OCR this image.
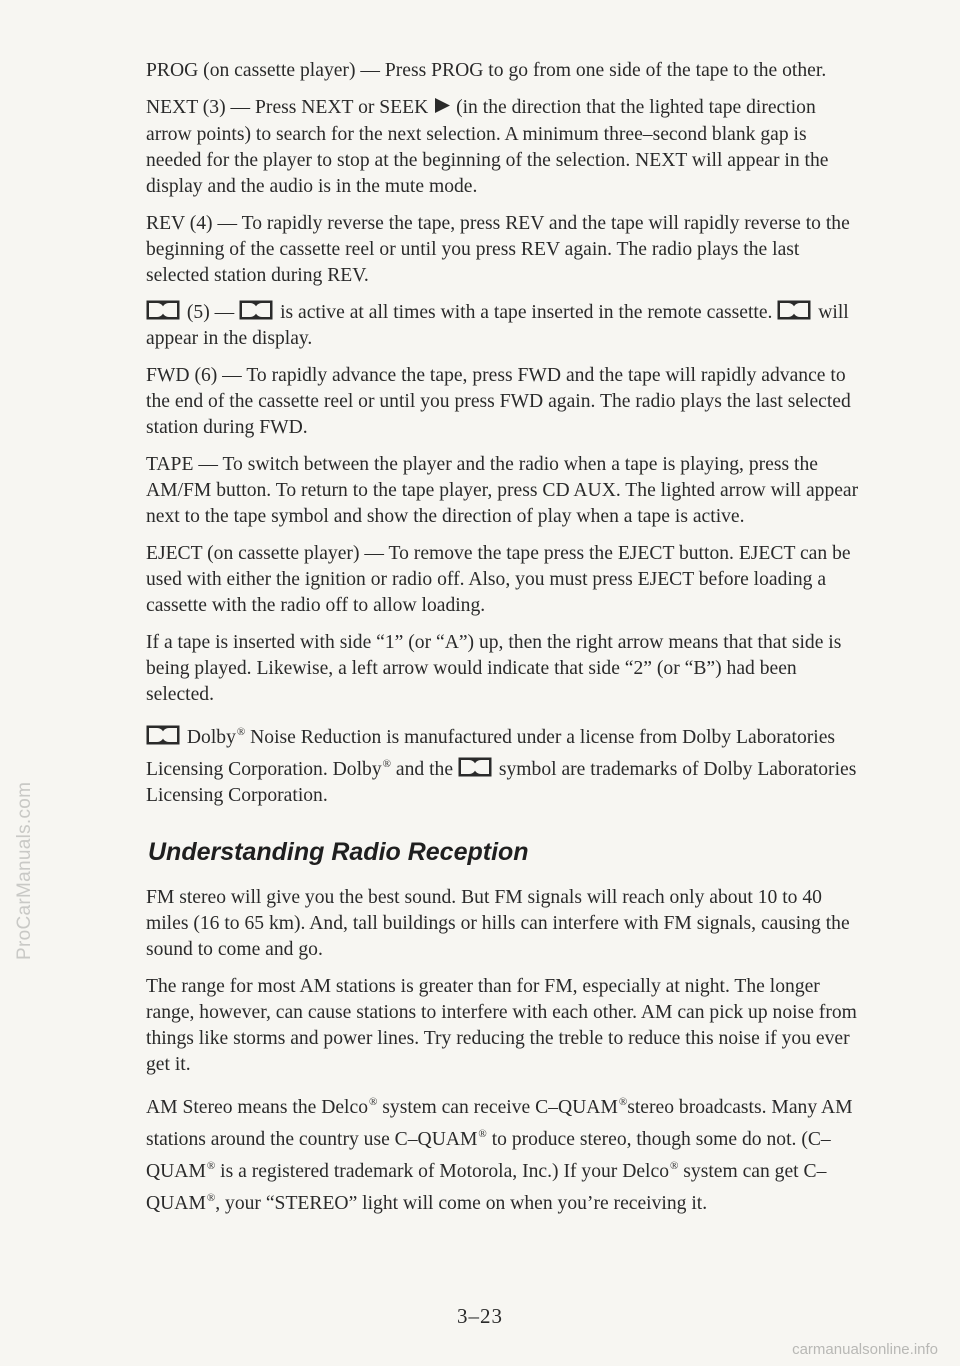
ProCarManuals.com

PROG (on cassette player) — Press PROG to go from one side of the tape to the other.

NEXT (3) — Press NEXT or SEEK (in the direction that the lighted tape direction arrow points) to search for the next selection. A minimum three–second blank gap is needed for the player to stop at the beginning of the selection. NEXT will appear in the display and the audio is in the mute mode.

REV (4) — To rapidly reverse the tape, press REV and the tape will rapidly reverse to the beginning of the cassette reel or until you press REV again. The radio plays the last selected station during REV.

(5) — is active at all times with a tape inserted in the remote cassette. will appear in the display.

FWD (6) — To rapidly advance the tape, press FWD and the tape will rapidly advance to the end of the cassette reel or until you press FWD again. The radio plays the last selected station during FWD.

TAPE — To switch between the player and the radio when a tape is playing, press the AM/FM button. To return to the tape player, press CD AUX. The lighted arrow will appear next to the tape symbol and show the direction of play when a tape is active.

EJECT (on cassette player) — To remove the tape press the EJECT button. EJECT can be used with either the ignition or radio off. Also, you must press EJECT before loading a cassette with the radio off to allow loading.

If a tape is inserted with side “1” (or “A”) up, then the right arrow means that that side is being played. Likewise, a left arrow would indicate that side “2” (or “B”) had been selected.

Dolby® Noise Reduction is manufactured under a license from Dolby Laboratories Licensing Corporation. Dolby® and the symbol are trademarks of Dolby Laboratories Licensing Corporation.

Understanding Radio Reception

FM stereo will give you the best sound. But FM signals will reach only about 10 to 40 miles (16 to 65 km). And, tall buildings or hills can interfere with FM signals, causing the sound to come and go.

The range for most AM stations is greater than for FM, especially at night. The longer range, however, can cause stations to interfere with each other. AM can pick up noise from things like storms and power lines. Try reducing the treble to reduce this noise if you ever get it.

AM Stereo means the Delco® system can receive C–QUAM®stereo broadcasts. Many AM stations around the country use C–QUAM® to produce stereo, though some do not. (C–QUAM® is a registered trademark of Motorola, Inc.) If your Delco® system can get C–QUAM®, your “STEREO” light will come on when you’re receiving it.

3–23
carmanualsonline.info
